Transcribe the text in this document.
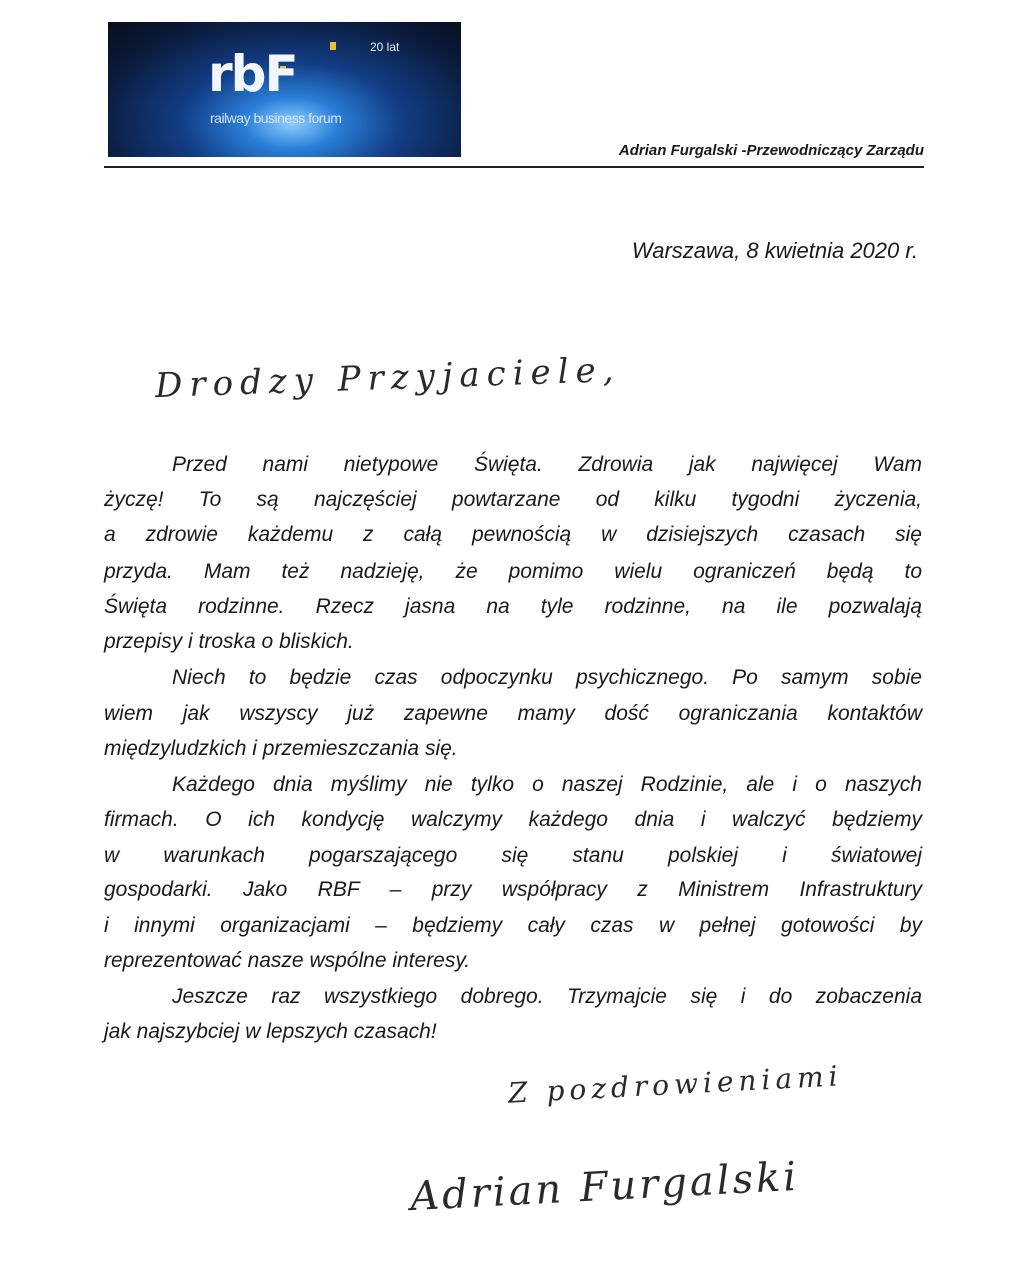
rbF	20 lat
railway business forum
Adrian Furgalski -Przewodniczący Zarządu
Warszawa, 8 kwietnia 2020 r.
Drodzy Przyjaciele,
Przed nami nietypowe Święta. Zdrowia jak najwięcej Wam
życzę! To są najczęściej powtarzane od kilku tygodni życzenia,
a zdrowie każdemu z całą pewnością w dzisiejszych czasach się
przyda. Mam też nadzieję, że pomimo wielu ograniczeń będą to
Święta rodzinne. Rzecz jasna na tyle rodzinne, na ile pozwalają
przepisy i troska o bliskich.
Niech to będzie czas odpoczynku psychicznego. Po samym sobie
wiem jak wszyscy już zapewne mamy dość ograniczania kontaktów
międzyludzkich i przemieszczania się.
Każdego dnia myślimy nie tylko o naszej Rodzinie, ale i o naszych
firmach. O ich kondycję walczymy każdego dnia i walczyć będziemy
w warunkach pogarszającego się stanu polskiej i światowej
gospodarki. Jako RBF – przy współpracy z Ministrem Infrastruktury
i innymi organizacjami – będziemy cały czas w pełnej gotowości by
reprezentować nasze wspólne interesy.
Jeszcze raz wszystkiego dobrego. Trzymajcie się i do zobaczenia
jak najszybciej w lepszych czasach!
Z pozdrowieniami
Adrian Furgalski
